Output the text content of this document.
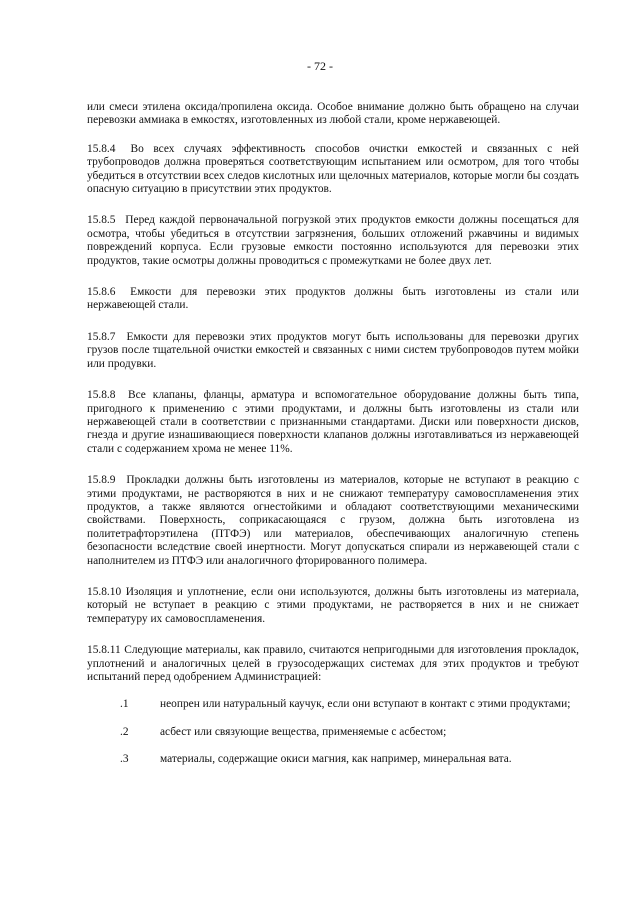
- 72 -

или смеси этилена оксида/пропилена оксида. Особое внимание должно быть обращено на случаи перевозки аммиака в емкостях, изготовленных из любой стали, кроме нержавеющей.

15.8.4 Во всех случаях эффективность способов очистки емкостей и связанных с ней трубопроводов должна проверяться соответствующим испытанием или осмотром, для того чтобы убедиться в отсутствии всех следов кислотных или щелочных материалов, которые могли бы создать опасную ситуацию в присутствии этих продуктов.

15.8.5 Перед каждой первоначальной погрузкой этих продуктов емкости должны посещаться для осмотра, чтобы убедиться в отсутствии загрязнения, больших отложений ржавчины и видимых повреждений корпуса. Если грузовые емкости постоянно используются для перевозки этих продуктов, такие осмотры должны проводиться с промежутками не более двух лет.

15.8.6 Емкости для перевозки этих продуктов должны быть изготовлены из стали или нержавеющей стали.

15.8.7 Емкости для перевозки этих продуктов могут быть использованы для перевозки других грузов после тщательной очистки емкостей и связанных с ними систем трубопроводов путем мойки или продувки.

15.8.8 Все клапаны, фланцы, арматура и вспомогательное оборудование должны быть типа, пригодного к применению с этими продуктами, и должны быть изготовлены из стали или нержавеющей стали в соответствии с признанными стандартами. Диски или поверхности дисков, гнезда и другие изнашивающиеся поверхности клапанов должны изготавливаться из нержавеющей стали с содержанием хрома не менее 11%.

15.8.9 Прокладки должны быть изготовлены из материалов, которые не вступают в реакцию с этими продуктами, не растворяются в них и не снижают температуру самовоспламенения этих продуктов, а также являются огнестойкими и обладают соответствующими механическими свойствами. Поверхность, соприкасающаяся с грузом, должна быть изготовлена из политетрафторэтилена (ПТФЭ) или материалов, обеспечивающих аналогичную степень безопасности вследствие своей инертности. Могут допускаться спирали из нержавеющей стали с наполнителем из ПТФЭ или аналогичного фторированного полимера.

15.8.10 Изоляция и уплотнение, если они используются, должны быть изготовлены из материала, который не вступает в реакцию с этими продуктами, не растворяется в них и не снижает температуру их самовоспламенения.

15.8.11 Следующие материалы, как правило, считаются непригодными для изготовления прокладок, уплотнений и аналогичных целей в грузосодержащих системах для этих продуктов и требуют испытаний перед одобрением Администрацией:

.1	неопрен или натуральный каучук, если они вступают в контакт с этими продуктами;
.2	асбест или связующие вещества, применяемые с асбестом;
.3	материалы, содержащие окиси магния, как например, минеральная вата.
